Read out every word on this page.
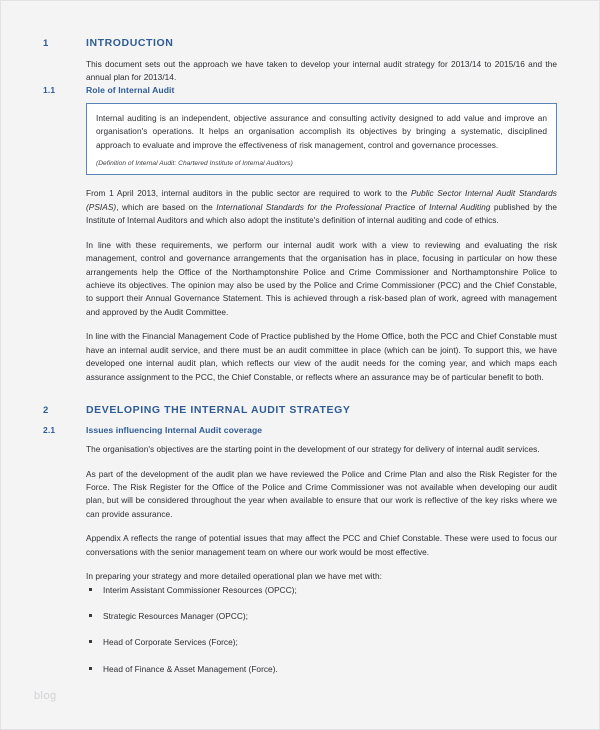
1	INTRODUCTION

This document sets out the approach we have taken to develop your internal audit strategy for 2013/14 to 2015/16 and the annual plan for 2013/14.

1.1	Role of Internal Audit

Internal auditing is an independent, objective assurance and consulting activity designed to add value and improve an organisation's operations. It helps an organisation accomplish its objectives by bringing a systematic, disciplined approach to evaluate and improve the effectiveness of risk management, control and governance processes.

(Definition of Internal Audit: Chartered Institute of Internal Auditors)

From 1 April 2013, internal auditors in the public sector are required to work to the Public Sector Internal Audit Standards (PSIAS), which are based on the International Standards for the Professional Practice of Internal Auditing published by the Institute of Internal Auditors and which also adopt the institute's definition of internal auditing and code of ethics.

In line with these requirements, we perform our internal audit work with a view to reviewing and evaluating the risk management, control and governance arrangements that the organisation has in place, focusing in particular on how these arrangements help the Office of the Northamptonshire Police and Crime Commissioner and Northamptonshire Police to achieve its objectives. The opinion may also be used by the Police and Crime Commissioner (PCC) and the Chief Constable, to support their Annual Governance Statement. This is achieved through a risk-based plan of work, agreed with management and approved by the Audit Committee.

In line with the Financial Management Code of Practice published by the Home Office, both the PCC and Chief Constable must have an internal audit service, and there must be an audit committee in place (which can be joint). To support this, we have developed one internal audit plan, which reflects our view of the audit needs for the coming year, and which maps each assurance assignment to the PCC, the Chief Constable, or reflects where an assurance may be of particular benefit to both.

2	DEVELOPING THE INTERNAL AUDIT STRATEGY
2.1	Issues influencing Internal Audit coverage

The organisation's objectives are the starting point in the development of our strategy for delivery of internal audit services.

As part of the development of the audit plan we have reviewed the Police and Crime Plan and also the Risk Register for the Force. The Risk Register for the Office of the Police and Crime Commissioner was not available when developing our audit plan, but will be considered throughout the year when available to ensure that our work is reflective of the key risks where we can provide assurance.

Appendix A reflects the range of potential issues that may affect the PCC and Chief Constable. These were used to focus our conversations with the senior management team on where our work would be most effective.

In preparing your strategy and more detailed operational plan we have met with:

Interim Assistant Commissioner Resources (OPCC);
Strategic Resources Manager (OPCC);
Head of Corporate Services (Force);
Head of Finance & Asset Management (Force).
blog
